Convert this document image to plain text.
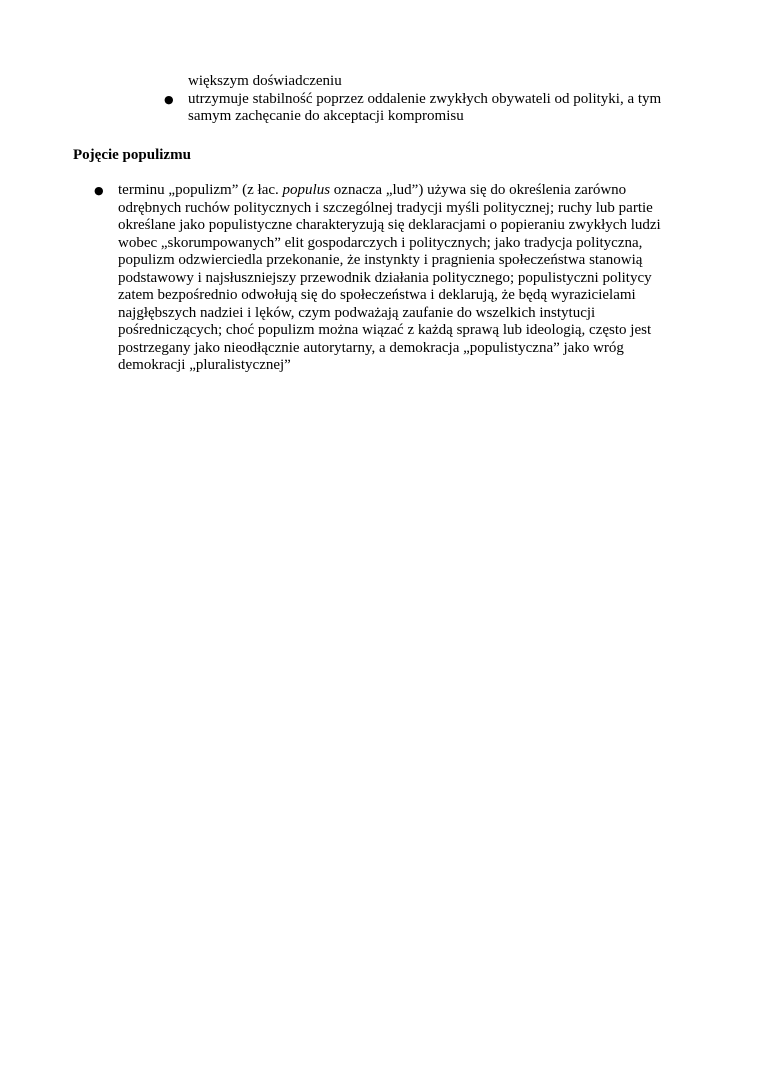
większym doświadczeniu
● utrzymuje stabilność poprzez oddalenie zwykłych obywateli od polityki, a tym samym zachęcanie do akceptacji kompromisu
Pojęcie populizmu
● terminu „populizm” (z łac. populus oznacza „lud”) używa się do określenia zarówno odrębnych ruchów politycznych i szczególnej tradycji myśli politycznej; ruchy lub partie określane jako populistyczne charakteryzują się deklaracjami o popieraniu zwykłych ludzi wobec „skorumpowanych” elit gospodarczych i politycznych; jako tradycja polityczna, populizm odzwierciedla przekonanie, że instynkty i pragnienia społeczeństwa stanowią podstawowy i najsłuszniejszy przewodnik działania politycznego; populistyczni politycy zatem bezpośrednio odwołują się do społeczeństwa i deklarują, że będą wyrazicielami najgłębszych nadziei i lęków, czym podważają zaufanie do wszelkich instytucji pośredniczących; choć populizm można wiązać z każdą sprawą lub ideologią, często jest postrzegany jako nieodłącznie autorytarny, a demokracja „populistyczna” jako wróg demokracji „pluralistycznej”
